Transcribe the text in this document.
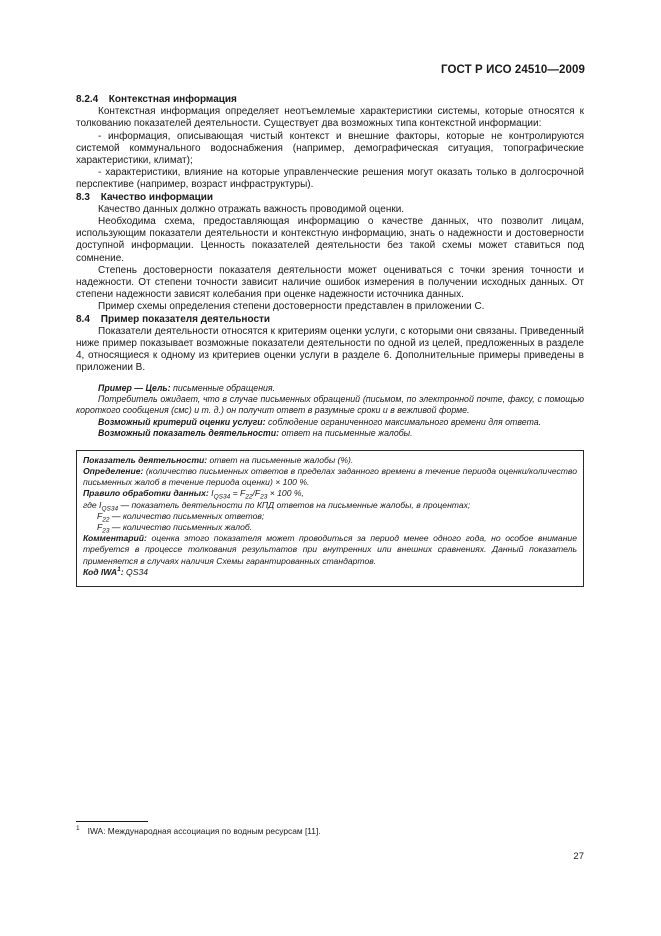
ГОСТ Р ИСО 24510—2009

8.2.4 Контекстная информация

Контекстная информация определяет неотъемлемые характеристики системы, которые относятся к толкованию показателей деятельности. Существует два возможных типа контекстной информации:

- информация, описывающая чистый контекст и внешние факторы, которые не контролируются системой коммунального водоснабжения (например, демографическая ситуация, топографические характеристики, климат);

- характеристики, влияние на которые управленческие решения могут оказать только в долгосрочной перспективе (например, возраст инфраструктуры).

8.3 Качество информации

Качество данных должно отражать важность проводимой оценки.

Необходима схема, предоставляющая информацию о качестве данных, что позволит лицам, использующим показатели деятельности и контекстную информацию, знать о надежности и достоверности доступной информации. Ценность показателей деятельности без такой схемы может ставиться под сомнение.

Степень достоверности показателя деятельности может оцениваться с точки зрения точности и надежности. От степени точности зависит наличие ошибок измерения в получении исходных данных. От степени надежности зависят колебания при оценке надежности источника данных.

Пример схемы определения степени достоверности представлен в приложении С.

8.4 Пример показателя деятельности

Показатели деятельности относятся к критериям оценки услуги, с которыми они связаны. Приведенный ниже пример показывает возможные показатели деятельности по одной из целей, предложенных в разделе 4, относящиеся к одному из критериев оценки услуги в разделе 6. Дополнительные примеры приведены в приложении В.

Пример — Цель: письменные обращения.

Потребитель ожидает, что в случае письменных обращений (письмом, по электронной почте, факсу, с помощью короткого сообщения (смс) и т. д.) он получит ответ в разумные сроки и в вежливой форме.

Возможный критерий оценки услуги: соблюдение ограниченного максимального времени для ответа.

Возможный показатель деятельности: ответ на письменные жалобы.

Показатель деятельности: ответ на письменные жалобы (%).

Определение: (количество письменных ответов в пределах заданного времени в течение периода оценки/количество письменных жалоб в течение периода оценки) × 100 %.

Правило обработки данных: $I_{QS34} = F_{22}/F_{23} \times 100$ %,

где $I_{QS34}$ — показатель деятельности по КПД ответов на письменные жалобы, в процентах;

$F_{22}$ — количество письменных ответов;

$F_{23}$ — количество письменных жалоб.

Комментарий: оценка этого показателя может проводиться за период менее одного года, но особое внимание требуется в процессе толкования результатов при внутренних или внешних сравнениях. Данный показатель применяется в случаях наличия Схемы гарантированных стандартов.

Код IWA$^1$: QS34

$^1$ IWA: Международная ассоциация по водным ресурсам [11].
27
